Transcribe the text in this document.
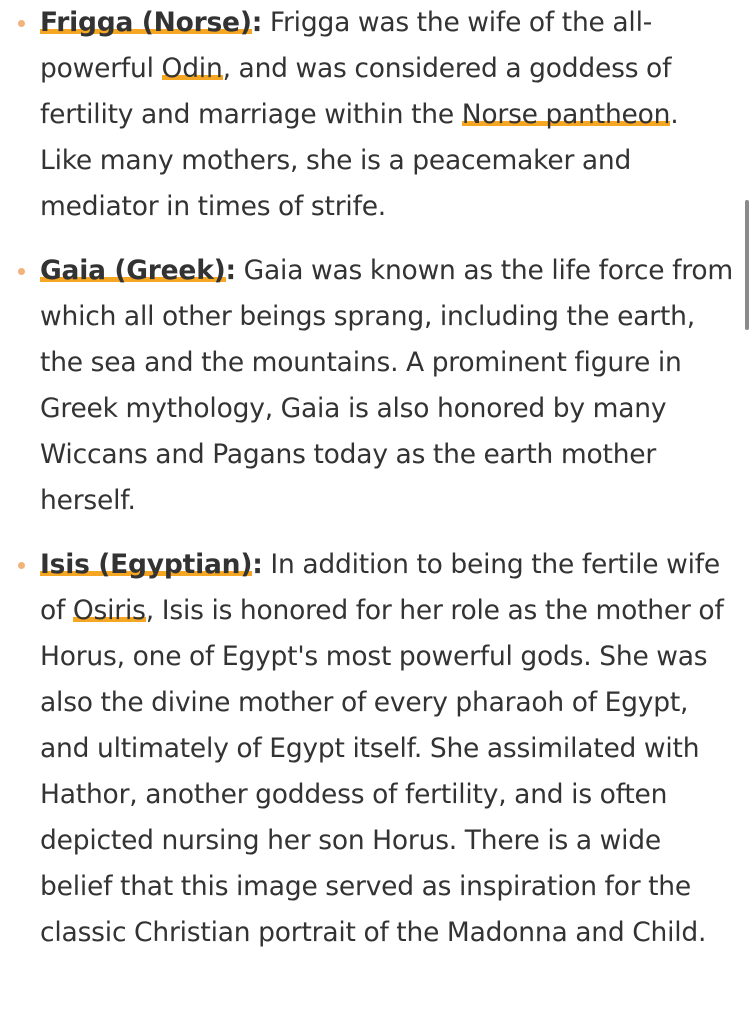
Frigga (Norse): Frigga was the wife of the all-powerful Odin, and was considered a goddess of fertility and marriage within the Norse pantheon. Like many mothers, she is a peacemaker and mediator in times of strife.
Gaia (Greek): Gaia was known as the life force from which all other beings sprang, including the earth, the sea and the mountains. A prominent figure in Greek mythology, Gaia is also honored by many Wiccans and Pagans today as the earth mother herself.
Isis (Egyptian): In addition to being the fertile wife of Osiris, Isis is honored for her role as the mother of Horus, one of Egypt's most powerful gods. She was also the divine mother of every pharaoh of Egypt, and ultimately of Egypt itself. She assimilated with Hathor, another goddess of fertility, and is often depicted nursing her son Horus. There is a wide belief that this image served as inspiration for the classic Christian portrait of the Madonna and Child.
